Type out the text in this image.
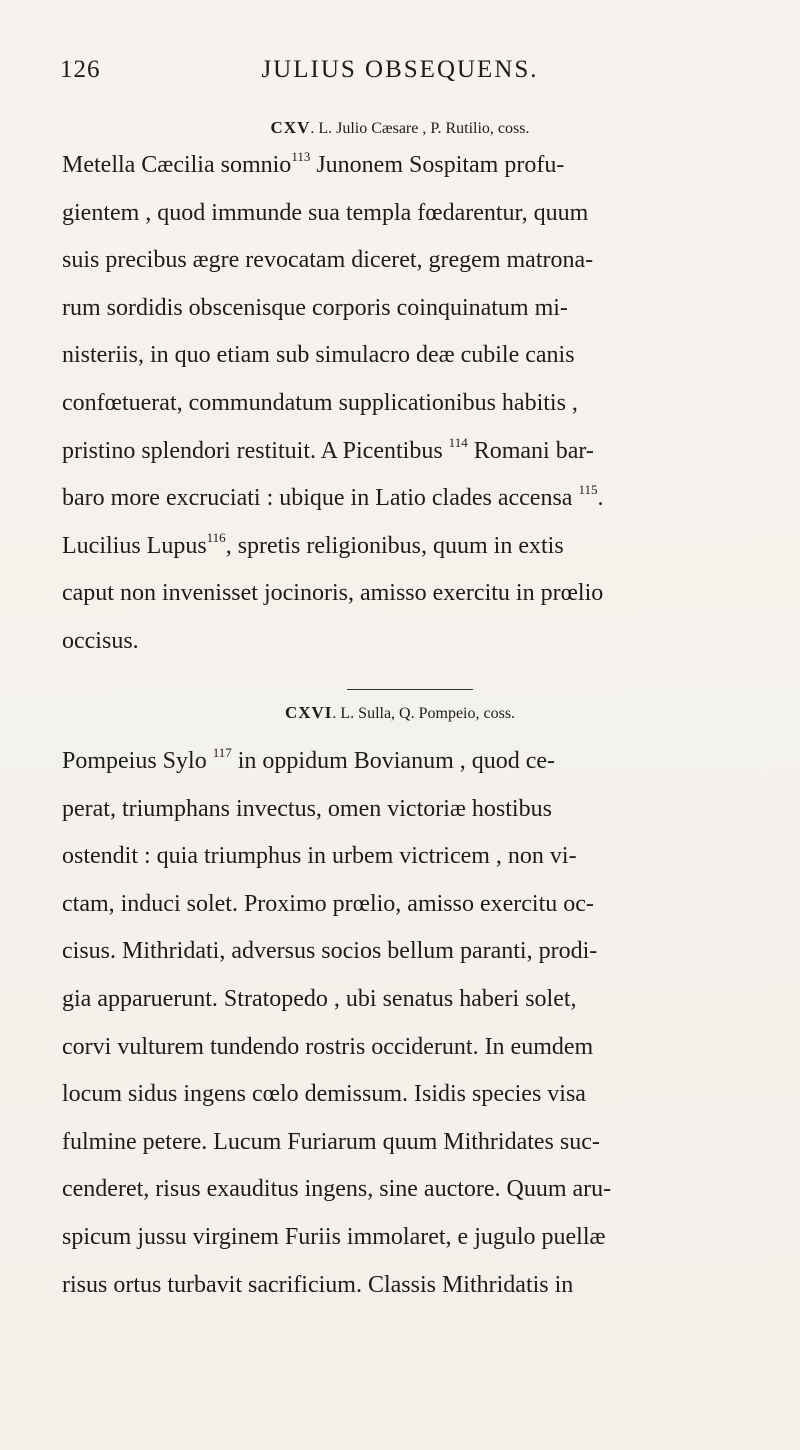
126	JULIUS OBSEQUENS.
CXV. L. Julio Cæsare , P. Rutilio, coss.
Metella Cæcilia somnio$^{113}$ Junonem Sospitam profu-
gientem , quod immunde sua templa fœdarentur, quum
suis precibus ægre revocatam diceret, gregem matrona-
rum sordidis obscenisque corporis coinquinatum mi-
nisteriis, in quo etiam sub simulacro deæ cubile canis
confœtuerat, commundatum supplicationibus habitis ,
pristino splendori restituit. A Picentibus $^{114}$ Romani bar-
baro more excruciati : ubique in Latio clades accensa $^{115}$.
Lucilius Lupus$^{116}$, spretis religionibus, quum in extis
caput non invenisset jocinoris, amisso exercitu in prœlio
occisus.
CXVI. L. Sulla, Q. Pompeio, coss.
Pompeius Sylo $^{117}$ in oppidum Bovianum , quod ce-
perat, triumphans invectus, omen victoriæ hostibus
ostendit : quia triumphus in urbem victricem , non vi-
ctam, induci solet. Proximo prœlio, amisso exercitu oc-
cisus. Mithridati, adversus socios bellum paranti, prodi-
gia apparuerunt. Stratopedo , ubi senatus haberi solet,
corvi vulturem tundendo rostris occiderunt. In eumdem
locum sidus ingens cœlo demissum. Isidis species visa
fulmine petere. Lucum Furiarum quum Mithridates suc-
cenderet, risus exauditus ingens, sine auctore. Quum aru-
spicum jussu virginem Furiis immolaret, e jugulo puellæ
risus ortus turbavit sacrificium. Classis Mithridatis in
